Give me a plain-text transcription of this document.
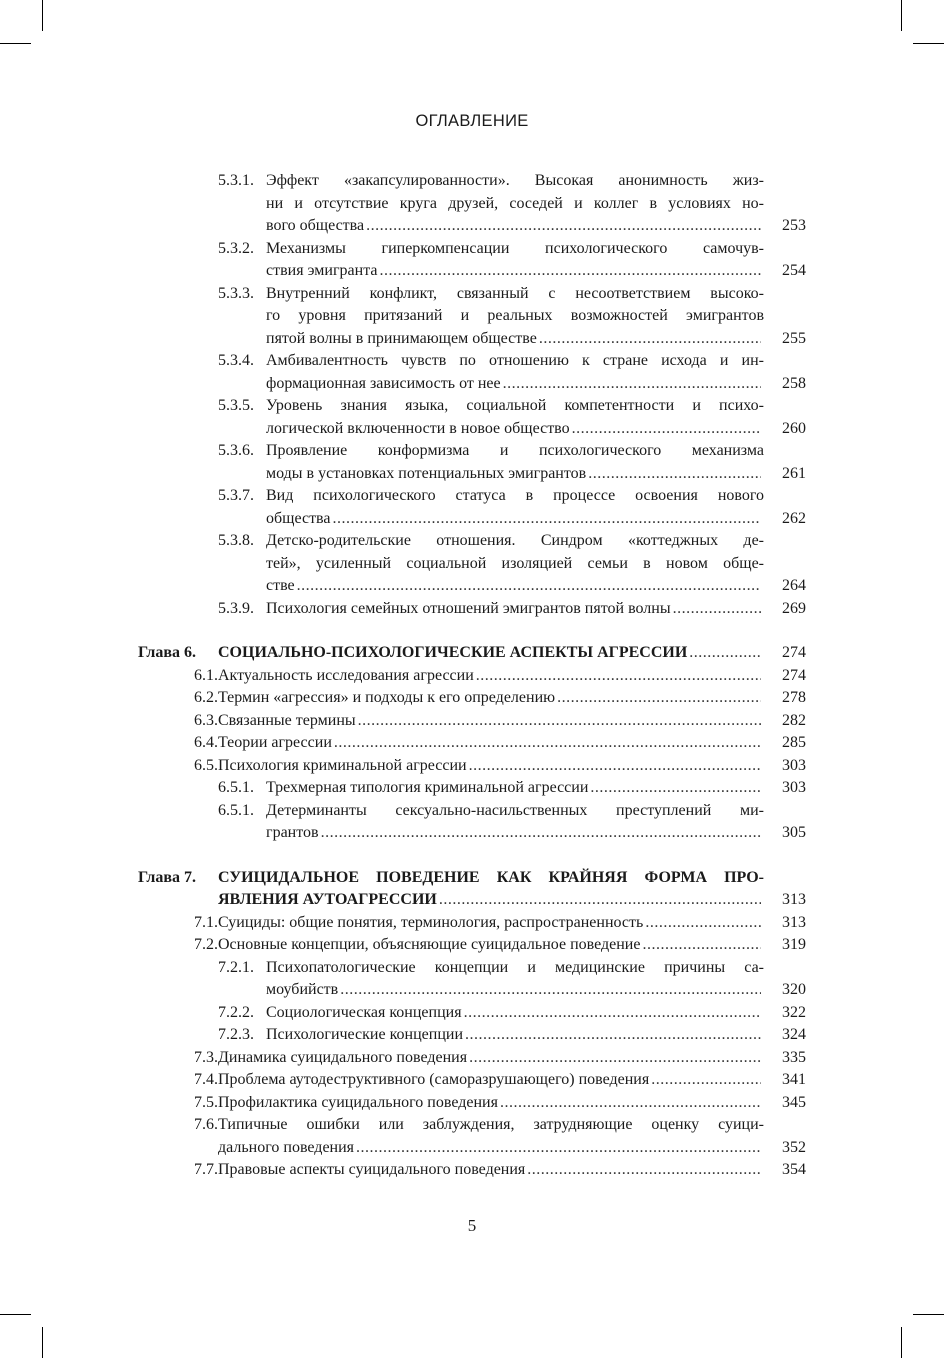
ОГЛАВЛЕНИЕ
5.3.1. Эффект «закапсулированности». Высокая анонимность жиз-
ни и отсутствие круга друзей, соседей и коллег в условиях но-
вого общества .....	253
5.3.2. Механизмы гиперкомпенсации психологического самочув-
ствия эмигранта .....	254
5.3.3. Внутренний конфликт, связанный с несоответствием высоко-
го уровня притязаний и реальных возможностей эмигрантов
пятой волны в принимающем обществе .....	255
5.3.4. Амбивалентность чувств по отношению к стране исхода и ин-
формационная зависимость от нее .....	258
5.3.5. Уровень знания языка, социальной компетентности и психо-
логической включенности в новое общество .....	260
5.3.6. Проявление конформизма и психологического механизма
моды в установках потенциальных эмигрантов .....	261
5.3.7. Вид психологического статуса в процессе освоения нового
общества .....	262
5.3.8. Детско-родительские отношения. Синдром «коттеджных де-
тей», усиленный социальной изоляцией семьи в новом обще-
стве .....	264
5.3.9. Психология семейных отношений эмигрантов пятой волны .....	269
Глава 6. СОЦИАЛЬНО-ПСИХОЛОГИЧЕСКИЕ АСПЕКТЫ АГРЕССИИ .....	274
6.1. Актуальность исследования агрессии .....	274
6.2. Термин «агрессия» и подходы к его определению .....	278
6.3. Связанные термины .....	282
6.4. Теории агрессии .....	285
6.5. Психология криминальной агрессии .....	303
6.5.1. Трехмерная типология криминальной агрессии .....	303
6.5.1. Детерминанты сексуально-насильственных преступлений ми-
грантов .....	305
Глава 7. СУИЦИДАЛЬНОЕ ПОВЕДЕНИЕ КАК КРАЙНЯЯ ФОРМА ПРО-
ЯВЛЕНИЯ АУТОАГРЕССИИ .....	313
7.1. Суициды: общие понятия, терминология, распространенность .....	313
7.2. Основные концепции, объясняющие суицидальное поведение .....	319
7.2.1. Психопатологические концепции и медицинские причины са-
моубийств .....	320
7.2.2. Социологическая концепция .....	322
7.2.3. Психологические концепции .....	324
7.3. Динамика суицидального поведения .....	335
7.4. Проблема аутодеструктивного (саморазрушающего) поведения .....	341
7.5. Профилактика суицидального поведения .....	345
7.6. Типичные ошибки или заблуждения, затрудняющие оценку суици-
дального поведения .....	352
7.7. Правовые аспекты суицидального поведения .....	354
5
